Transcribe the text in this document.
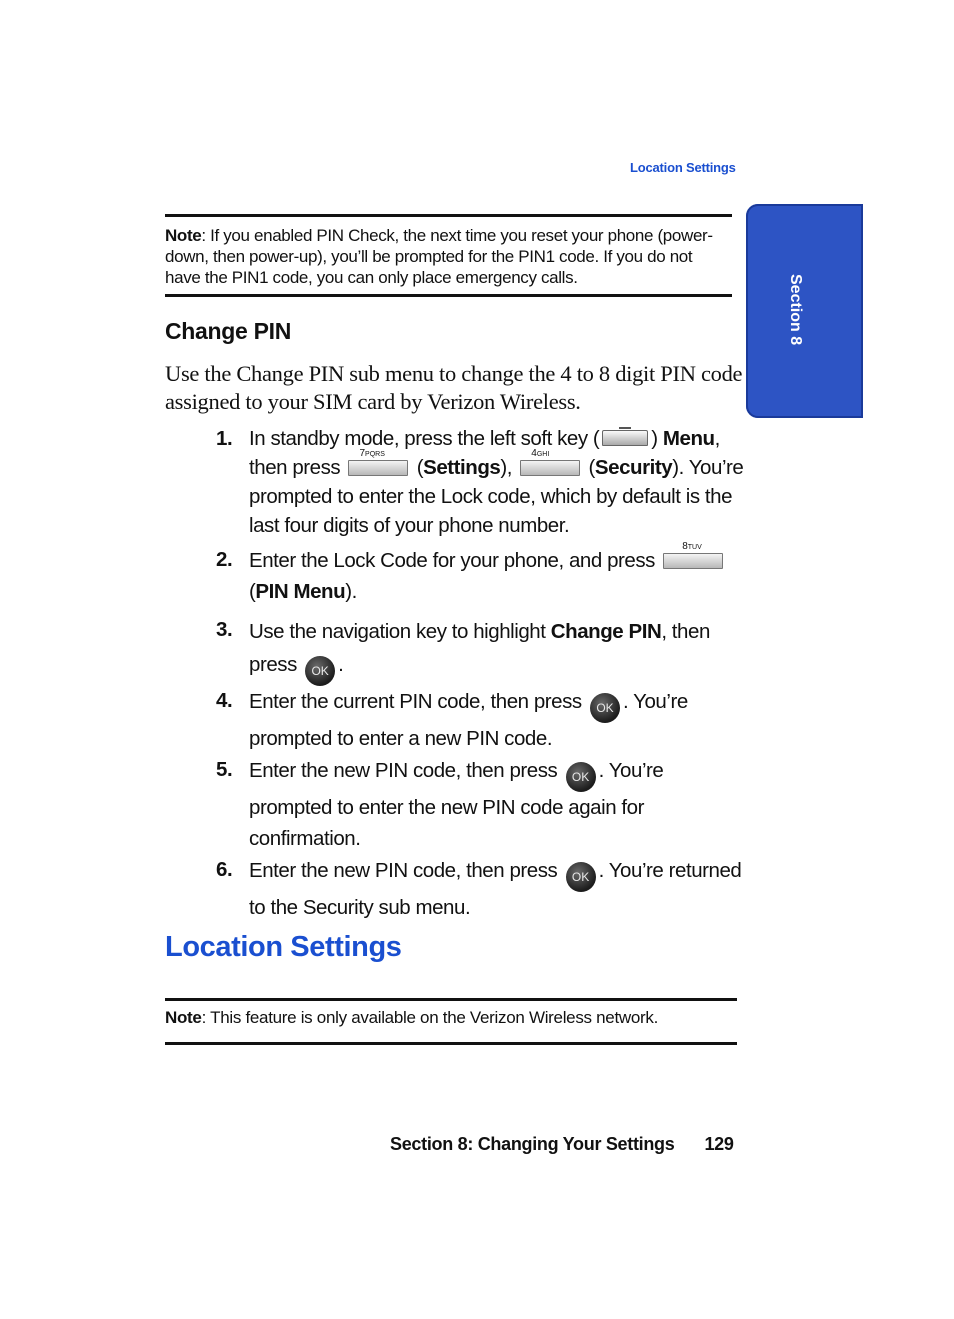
Location Settings
Section 8
Note: If you enabled PIN Check, the next time you reset your phone (power-down, then power-up), you’ll be prompted for the PIN1 code. If you do not have the PIN1 code, you can only place emergency calls.
Change PIN
Use the Change PIN sub menu to change the 4 to 8 digit PIN code assigned to your SIM card by Verizon Wireless.
1. In standby mode, press the left soft key (	) Menu, then press
7PQRS
(Settings),
4GHI
(Security). You’re prompted to enter the Lock code, which by default is the last four digits of your phone number.
2. Enter the Lock Code for your phone, and press
8TUV

(PIN Menu).
3. Use the navigation key to highlight Change PIN, then press OK .
4. Enter the current PIN code, then press OK . You’re prompted to enter a new PIN code.
5. Enter the new PIN code, then press OK . You’re prompted to enter the new PIN code again for confirmation.
6. Enter the new PIN code, then press OK . You’re returned to the Security sub menu.
Location Settings
Note: This feature is only available on the Verizon Wireless network.
Section 8: Changing Your Settings 129
